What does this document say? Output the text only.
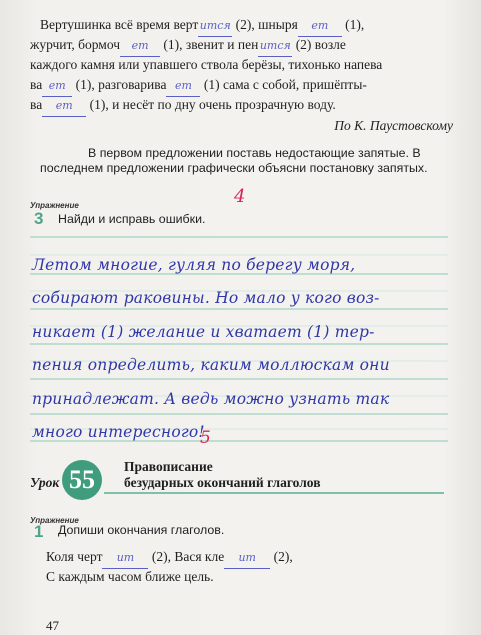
Вертушинка всё время верт ится (2), шныря ет (1),
журчит, бормоч ет (1), звенит и пен ится (2) возле
каждого камня или упавшего ствола берёзы, тихонько напева
ва ет (1), разговарива ет (1) сама с собой, пришёпты-
ва ет (1), и несёт по дну очень прозрачную воду.
По К. Паустовскому
В первом предложении поставь недостающие запятые. В последнем предложении графически объясни постановку запятых.
4
Упражнение
3 Найди и исправь ошибки.
Летом многие, гуляя по берегу моря,
собирают раковины. Но мало у кого воз-
никает (1) желание и хватает (1) тер-
пения определить, каким моллюскам они
принадлежат. А ведь можно узнать так
много интересного!
5
Урок 55	Правописание
безударных окончаний глаголов
Упражнение
1 Допиши окончания глаголов.
Коля черт ит (2), Вася кле ит (2),
С каждым часом ближе цель.
47
